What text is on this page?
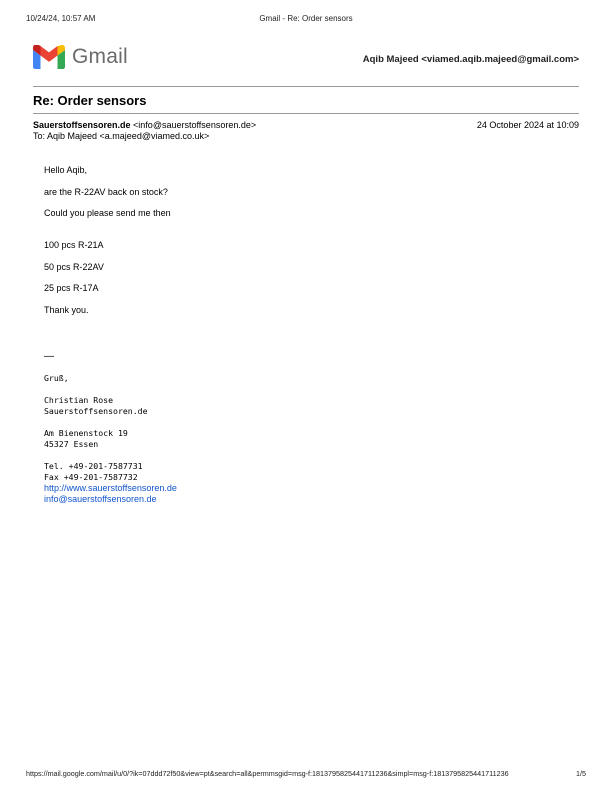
10/24/24, 10:57 AM	Gmail - Re: Order sensors
Gmail	Aqib Majeed <viamed.aqib.majeed@gmail.com>
Re: Order sensors
Sauerstoffsensoren.de <info@sauerstoffsensoren.de>	24 October 2024 at 10:09
To: Aqib Majeed <a.majeed@viamed.co.uk>

Hello Aqib,

are the R-22AV back on stock?

Could you please send me then

100 pcs R-21A

50 pcs R-22AV

25 pcs R-17A

Thank you.

—
Gruß,
Christian Rose
Sauerstoffsensoren.de
Am Bienenstock 19
45327 Essen
Tel. +49-201-7587731
Fax +49-201-7587732
http://www.sauerstoffsensoren.de
info@sauerstoffsensoren.de
https://mail.google.com/mail/u/0/?ik=07ddd72f50&view=pt&search=all&permmsgid=msg-f:1813795825441711236&simpl=msg-f:1813795825441711236	1/5
